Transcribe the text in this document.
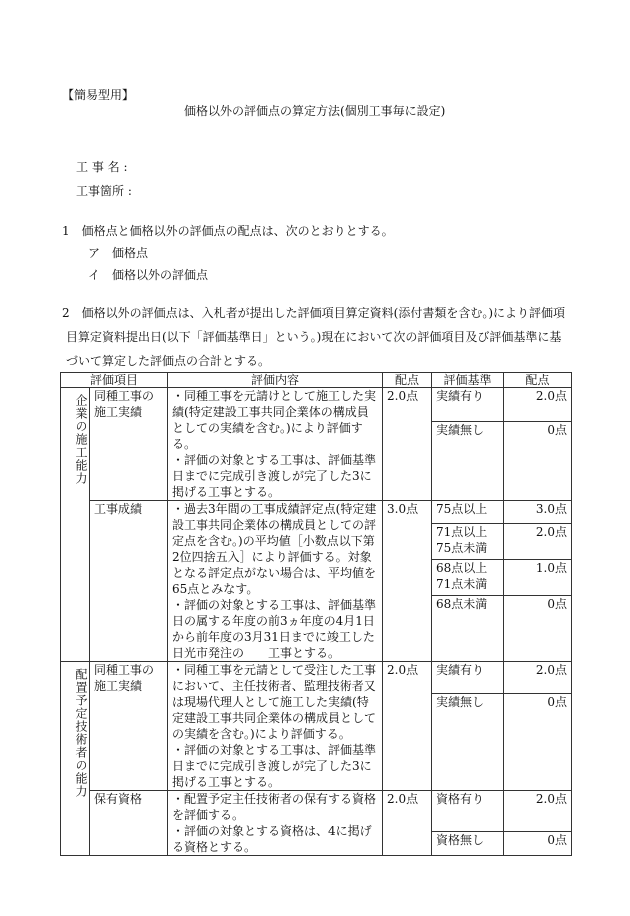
【簡易型用】
価格以外の評価点の算定方法(個別工事毎に設定)
工 事 名 :
工事箇所 :
1　価格点と価格以外の評価点の配点は、次のとおりとする。
ア　価格点
イ　価格以外の評価点
2　価格以外の評価点は、入札者が提出した評価項目算定資料(添付書類を含む。)により評価項
目算定資料提出日(以下「評価基準日」という。)現在において次の評価項目及び評価基準に基
づいて算定した評価点の合計とする。
評価項目		評価内容	配点	評価基準	配点
企業の施工能力	同種工事の施工実績	・同種工事を元請けとして施工した実績(特定建設工事共同企業体の構成員としての実績を含む。)により評価する。
・評価の対象とする工事は、評価基準日までに完成引き渡しが完了した3に掲げる工事とする。	2.0点	実績有り	2.0点
				実績無し	0点
	工事成績	・過去3年間の工事成績評定点(特定建設工事共同企業体の構成員としての評定点を含む。)の平均値［小数点以下第2位四捨五入］により評価する。対象となる評定点がない場合は、平均値を65点とみなす。
・評価の対象とする工事は、評価基準日の属する年度の前3ヵ年度の4月1日から前年度の3月31日までに竣工した日光市発注の　　工事とする。	3.0点	75点以上	3.0点
				71点以上75点未満	2.0点
				68点以上71点未満	1.0点
				68点未満	0点
配置予定技術者の能力	同種工事の施工実績	・同種工事を元請として受注した工事において、主任技術者、監理技術者又は現場代理人として施工した実績(特定建設工事共同企業体の構成員としての実績を含む。)により評価する。
・評価の対象とする工事は、評価基準日までに完成引き渡しが完了した3に掲げる工事とする。	2.0点	実績有り	2.0点
				実績無し	0点
	保有資格	・配置予定主任技術者の保有する資格を評価する。
・評価の対象とする資格は、4に掲げる資格とする。	2.0点	資格有り	2.0点
				資格無し	0点
